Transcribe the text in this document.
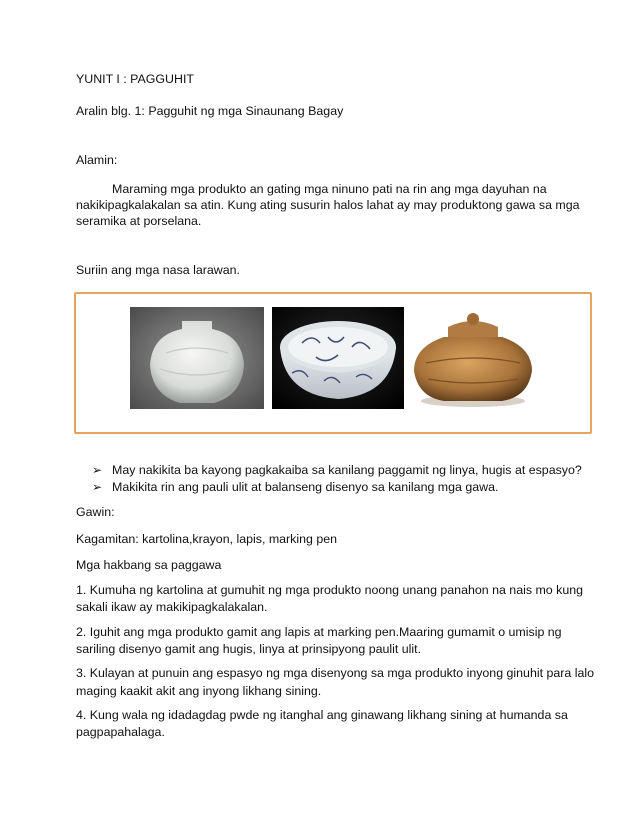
YUNIT I : PAGGUHIT
Aralin blg. 1: Pagguhit ng mga Sinaunang Bagay
Alamin:
Maraming mga produkto an gating mga ninuno pati na rin ang mga dayuhan na
nakikipagkalakalan sa atin. Kung ating susurin halos lahat ay may produktong gawa sa mga
seramika at porselana.
Suriin ang mga nasa larawan.
➢ May nakikita ba kayong pagkakaiba sa kanilang paggamit ng linya, hugis at espasyo?
➢ Makikita rin ang pauli ulit at balanseng disenyo sa kanilang mga gawa.
Gawin:
Kagamitan: kartolina,krayon, lapis, marking pen
Mga hakbang sa paggawa
1. Kumuha ng kartolina at gumuhit ng mga produkto noong unang panahon na nais mo kung
sakali ikaw ay makikipagkalakalan.
2. Iguhit ang mga produkto gamit ang lapis at marking pen.Maaring gumamit o umisip ng
sariling disenyo gamit ang hugis, linya at prinsipyong paulit ulit.
3. Kulayan at punuin ang espasyo ng mga disenyong sa mga produkto inyong ginuhit para lalo
maging kaakit akit ang inyong likhang sining.
4. Kung wala ng idadagdag pwde ng itanghal ang ginawang likhang sining at humanda sa
pagpapahalaga.
